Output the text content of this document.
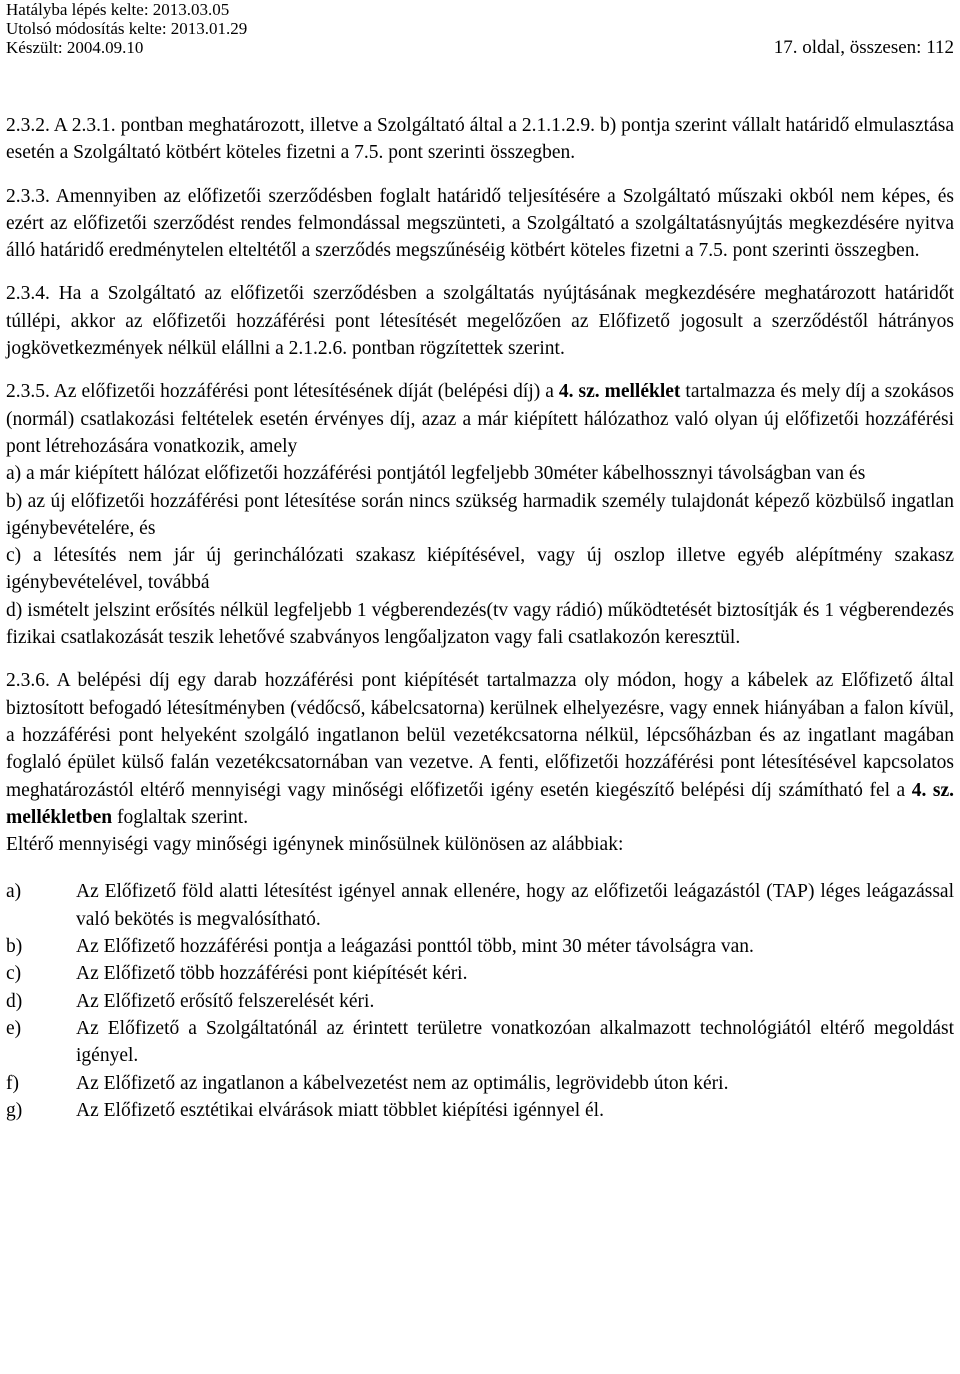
Hatályba lépés kelte: 2013.03.05
Utolsó módosítás kelte: 2013.01.29
Készült: 2004.09.10	17. oldal, összesen: 112

2.3.2. A 2.3.1. pontban meghatározott, illetve a Szolgáltató által a 2.1.1.2.9. b) pontja szerint vállalt határidő elmulasztása esetén a Szolgáltató kötbért köteles fizetni a 7.5. pont szerinti összegben.

2.3.3. Amennyiben az előfizetői szerződésben foglalt határidő teljesítésére a Szolgáltató műszaki okból nem képes, és ezért az előfizetői szerződést rendes felmondással megszünteti, a Szolgáltató a szolgáltatásnyújtás megkezdésére nyitva álló határidő eredménytelen elteltétől a szerződés megszűnéséig kötbért köteles fizetni a 7.5. pont szerinti összegben.

2.3.4. Ha a Szolgáltató az előfizetői szerződésben a szolgáltatás nyújtásának megkezdésére meghatározott határidőt túllépi, akkor az előfizetői hozzáférési pont létesítését megelőzően az Előfizető jogosult a szerződéstől hátrányos jogkövetkezmények nélkül elállni a 2.1.2.6. pontban rögzítettek szerint.

2.3.5. Az előfizetői hozzáférési pont létesítésének díját (belépési díj) a 4. sz. melléklet tartalmazza és mely díj a szokásos (normál) csatlakozási feltételek esetén érvényes díj, azaz a már kiépített hálózathoz való olyan új előfizetői hozzáférési pont létrehozására vonatkozik, amely

a) a már kiépített hálózat előfizetői hozzáférési pontjától legfeljebb 30méter kábelhossznyi távolságban van és

b) az új előfizetői hozzáférési pont létesítése során nincs szükség harmadik személy tulajdonát képező közbülső ingatlan igénybevételére, és

c) a létesítés nem jár új gerinchálózati szakasz kiépítésével, vagy új oszlop illetve egyéb alépítmény szakasz igénybevételével, továbbá

d) ismételt jelszint erősítés nélkül legfeljebb 1 végberendezés(tv vagy rádió) működtetését biztosítják és 1 végberendezés fizikai csatlakozását teszik lehetővé szabványos lengőaljzaton vagy fali csatlakozón keresztül.

2.3.6. A belépési díj egy darab hozzáférési pont kiépítését tartalmazza oly módon, hogy a kábelek az Előfizető által biztosított befogadó létesítményben (védőcső, kábelcsatorna) kerülnek elhelyezésre, vagy ennek hiányában a falon kívül, a hozzáférési pont helyeként szolgáló ingatlanon belül vezetékcsatorna nélkül, lépcsőházban és az ingatlant magában foglaló épület külső falán vezetékcsatornában van vezetve. A fenti, előfizetői hozzáférési pont létesítésével kapcsolatos meghatározástól eltérő mennyiségi vagy minőségi előfizetői igény esetén kiegészítő belépési díj számítható fel a 4. sz. mellékletben foglaltak szerint.

Eltérő mennyiségi vagy minőségi igénynek minősülnek különösen az alábbiak:

a)	Az Előfizető föld alatti létesítést igényel annak ellenére, hogy az előfizetői leágazástól (TAP) léges leágazással való bekötés is megvalósítható.
b)	Az Előfizető hozzáférési pontja a leágazási ponttól több, mint 30 méter távolságra van.
c)	Az Előfizető több hozzáférési pont kiépítését kéri.
d)	Az Előfizető erősítő felszerelését kéri.
e)	Az Előfizető a Szolgáltatónál az érintett területre vonatkozóan alkalmazott technológiától eltérő megoldást igényel.
f)	Az Előfizető az ingatlanon a kábelvezetést nem az optimális, legrövidebb úton kéri.
g)	Az Előfizető esztétikai elvárások miatt többlet kiépítési igénnyel él.
